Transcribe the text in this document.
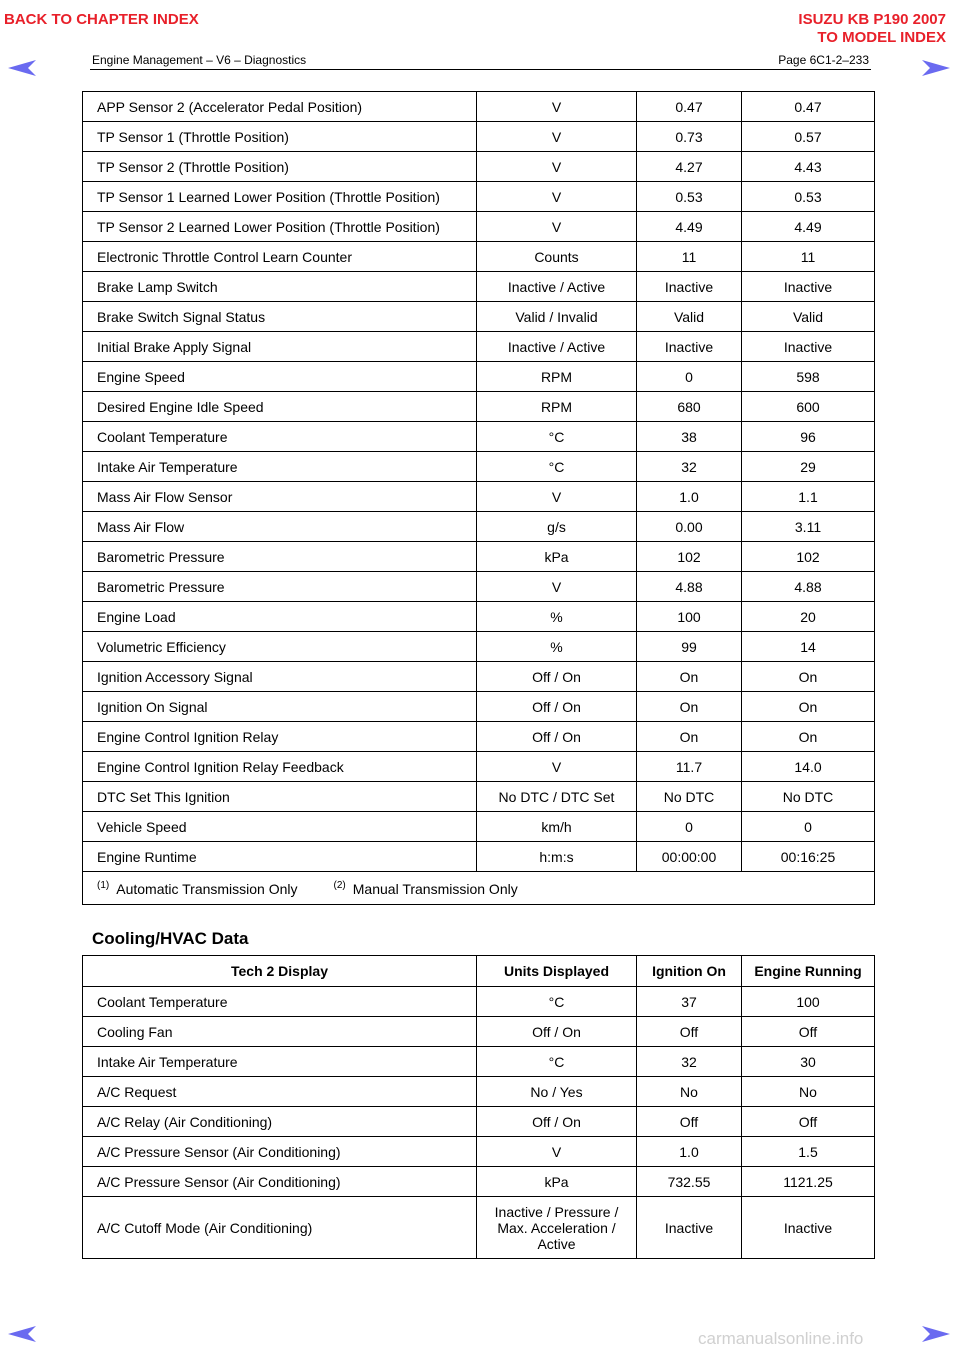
BACK TO CHAPTER INDEX	ISUZU KB P190 2007
TO MODEL INDEX
Engine Management – V6 – Diagnostics	Page 6C1-2–233
APP Sensor 2 (Accelerator Pedal Position)	V	0.47	0.47
TP Sensor 1 (Throttle Position)	V	0.73	0.57
TP Sensor 2 (Throttle Position)	V	4.27	4.43
TP Sensor 1 Learned Lower Position (Throttle Position)	V	0.53	0.53
TP Sensor 2 Learned Lower Position (Throttle Position)	V	4.49	4.49
Electronic Throttle Control Learn Counter	Counts	11	11
Brake Lamp Switch	Inactive / Active	Inactive	Inactive
Brake Switch Signal Status	Valid / Invalid	Valid	Valid
Initial Brake Apply Signal	Inactive / Active	Inactive	Inactive
Engine Speed	RPM	0	598
Desired Engine Idle Speed	RPM	680	600
Coolant Temperature	°C	38	96
Intake Air Temperature	°C	32	29
Mass Air Flow Sensor	V	1.0	1.1
Mass Air Flow	g/s	0.00	3.11
Barometric Pressure	kPa	102	102
Barometric Pressure	V	4.88	4.88
Engine Load	%	100	20
Volumetric Efficiency	%	99	14
Ignition Accessory Signal	Off / On	On	On
Ignition On Signal	Off / On	On	On
Engine Control Ignition Relay	Off / On	On	On
Engine Control Ignition Relay Feedback	V	11.7	14.0
DTC Set This Ignition	No DTC / DTC Set	No DTC	No DTC
Vehicle Speed	km/h	0	0
Engine Runtime	h:m:s	00:00:00	00:16:25
$^{(1)}$ Automatic Transmission Only $^{(2)}$ Manual Transmission Only			
Cooling/HVAC Data
Tech 2 Display	Units Displayed	Ignition On	Engine Running
Coolant Temperature	°C	37	100
Cooling Fan	Off / On	Off	Off
Intake Air Temperature	°C	32	30
A/C Request	No / Yes	No	No
A/C Relay (Air Conditioning)	Off / On	Off	Off
A/C Pressure Sensor (Air Conditioning)	V	1.0	1.5
A/C Pressure Sensor (Air Conditioning)	kPa	732.55	1121.25
A/C Cutoff Mode (Air Conditioning)	Inactive / Pressure /
Max. Acceleration /
Active	Inactive	Inactive
carmanualsonline.info
